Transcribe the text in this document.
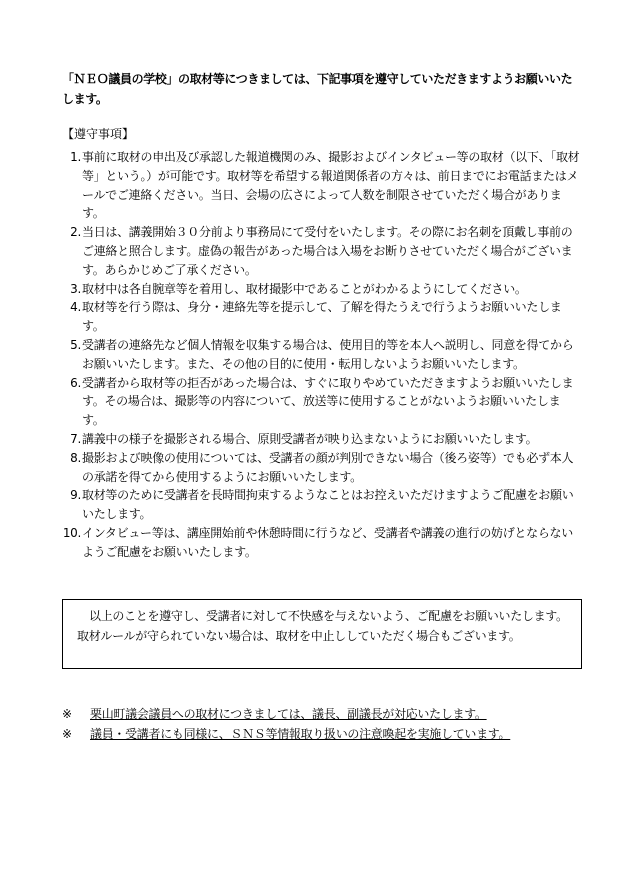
「ＮＥＯ議員の学校」の取材等につきましては、下記事項を遵守していただきますようお願いいたします。
【遵守事項】
1. 事前に取材の申出及び承認した報道機関のみ、撮影およびインタビュー等の取材（以下、「取材等」という。）が可能です。取材等を希望する報道関係者の方々は、前日までにお電話またはメールでご連絡ください。当日、会場の広さによって人数を制限させていただく場合があります。
2. 当日は、講義開始３０分前より事務局にて受付をいたします。その際にお名刺を頂戴し事前のご連絡と照合します。虚偽の報告があった場合は入場をお断りさせていただく場合がございます。あらかじめご了承ください。
3. 取材中は各自腕章等を着用し、取材撮影中であることがわかるようにしてください。
4. 取材等を行う際は、身分・連絡先等を提示して、了解を得たうえで行うようお願いいたします。
5. 受講者の連絡先など個人情報を収集する場合は、使用目的等を本人へ説明し、同意を得てからお願いいたします。また、その他の目的に使用・転用しないようお願いいたします。
6. 受講者から取材等の拒否があった場合は、すぐに取りやめていただきますようお願いいたします。その場合は、撮影等の内容について、放送等に使用することがないようお願いいたします。
7. 講義中の様子を撮影される場合、原則受講者が映り込まないようにお願いいたします。
8. 撮影および映像の使用については、受講者の顔が判別できない場合（後ろ姿等）でも必ず本人の承諾を得てから使用するようにお願いいたします。
9. 取材等のために受講者を長時間拘束するようなことはお控えいただけますようご配慮をお願いいたします。
10. インタビュー等は、講座開始前や休憩時間に行うなど、受講者や講義の進行の妨げとならないようご配慮をお願いいたします。
以上のことを遵守し、受講者に対して不快感を与えないよう、ご配慮をお願いいたします。取材ルールが守られていない場合は、取材を中止ししていただく場合もございます。
※	栗山町議会議員への取材につきましては、議長、副議長が対応いたします。
※	議員・受講者にも同様に、ＳＮＳ等情報取り扱いの注意喚起を実施しています。
